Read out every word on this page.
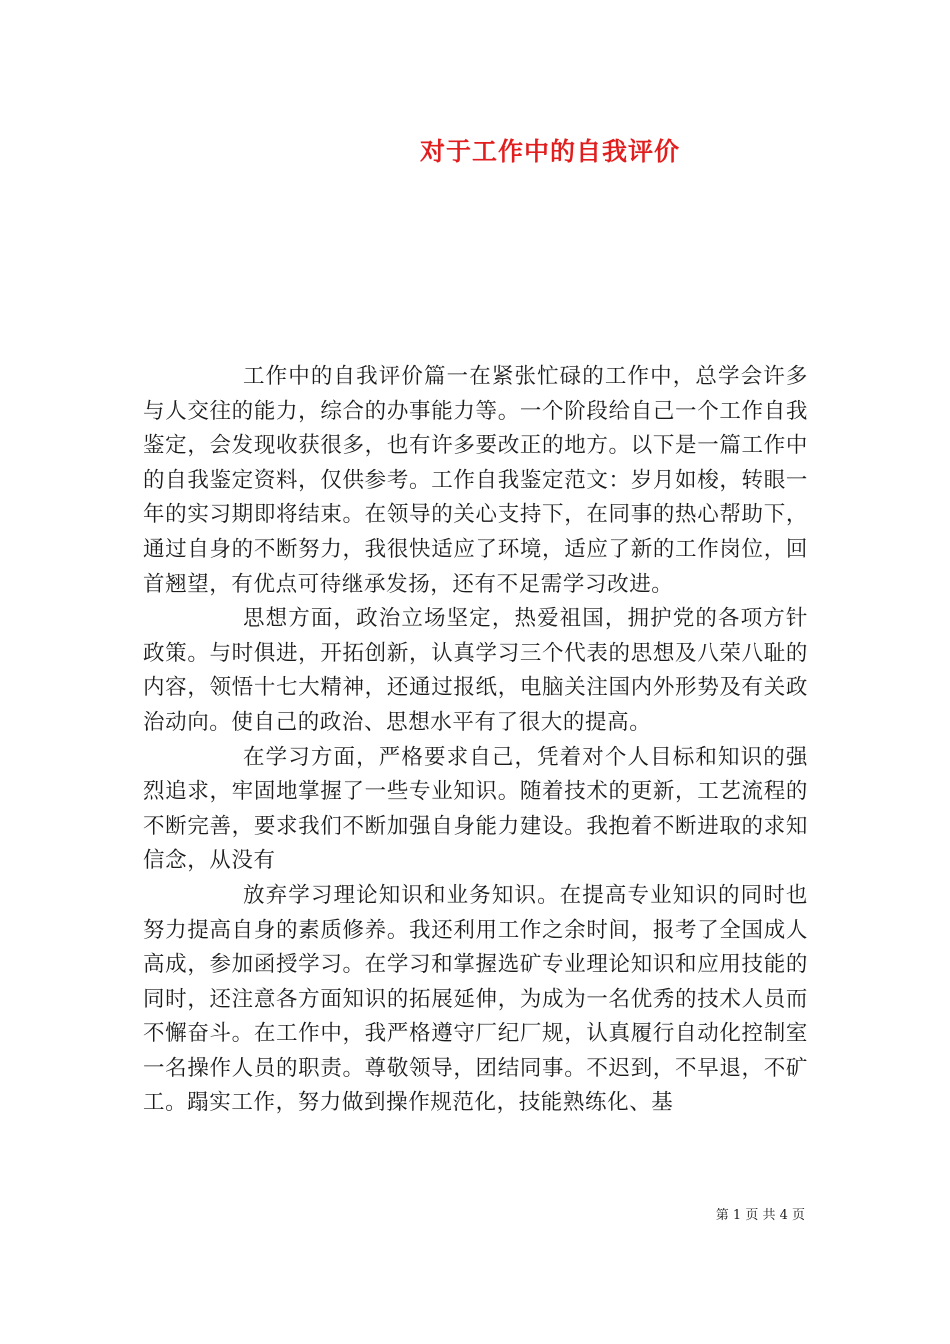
对于工作中的自我评价

工作中的自我评价篇一在紧张忙碌的工作中，总学会许多与人交往的能力，综合的办事能力等。一个阶段给自己一个工作自我鉴定，会发现收获很多，也有许多要改正的地方。以下是一篇工作中的自我鉴定资料，仅供参考。工作自我鉴定范文：岁月如梭，转眼一年的实习期即将结束。在领导的关心支持下，在同事的热心帮助下，通过自身的不断努力，我很快适应了环境，适应了新的工作岗位，回首翘望，有优点可待继承发扬，还有不足需学习改进。

思想方面，政治立场坚定，热爱祖国，拥护党的各项方针政策。与时俱进，开拓创新，认真学习三个代表的思想及八荣八耻的内容，领悟十七大精神，还通过报纸，电脑关注国内外形势及有关政治动向。使自己的政治、思想水平有了很大的提高。

在学习方面，严格要求自己，凭着对个人目标和知识的强烈追求，牢固地掌握了一些专业知识。随着技术的更新，工艺流程的不断完善，要求我们不断加强自身能力建设。我抱着不断进取的求知信念，从没有

放弃学习理论知识和业务知识。在提高专业知识的同时也努力提高自身的素质修养。我还利用工作之余时间，报考了全国成人高成，参加函授学习。在学习和掌握选矿专业理论知识和应用技能的同时，还注意各方面知识的拓展延伸，为成为一名优秀的技术人员而不懈奋斗。在工作中，我严格遵守厂纪厂规，认真履行自动化控制室一名操作人员的职责。尊敬领导，团结同事。不迟到，不早退，不矿工。蹋实工作，努力做到操作规范化，技能熟练化、基

第 1 页 共 4 页
